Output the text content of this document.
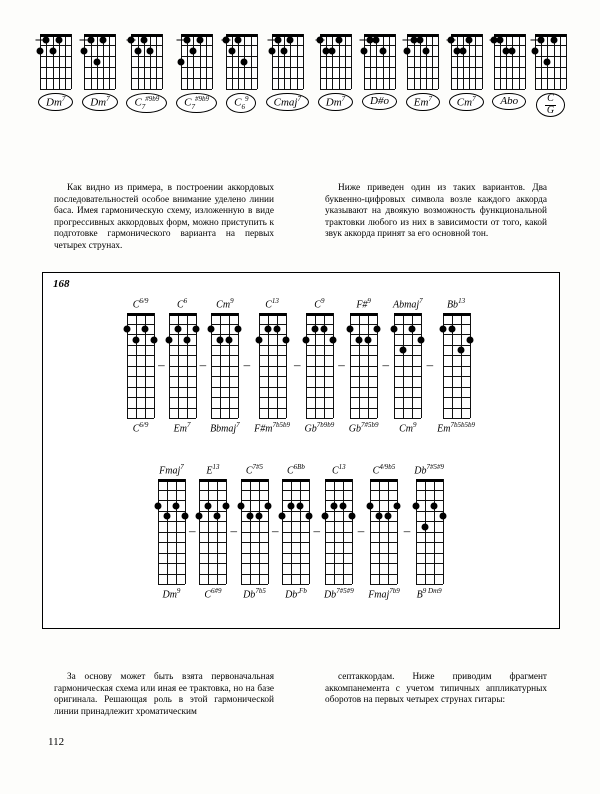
Dm$^7$	Dm$^7$	$C_7^{\#9b9}$	$C_7^{\#9b9}$	$C_6^9$	Cmaj$^7$	Dm$^7$	D#o	Em$^7$	Cm$^7$	Abo	C
G

Как видно из примера, в построении аккордовых последовательностей особое внимание уделено линии баса. Имея гармоническую схему, изложенную в виде прогрессивных аккордовых форм, можно приступить к подготовке гармонического варианта на первых четырех струнах.

Ниже приведен один из таких вариантов. Два буквенно-цифровых символа возле каждого аккорда указывают на двоякую возможность функциональной трактовки любого из них в зависимости от того, какой звук аккорда принят за его основной тон.

168
$C^{6/9}$
$C^{6/9}$
–
$C^6$
Em$^7$
–
Cm$^9$
Bbmaj$^7$
–
$C^{13}$
$F\#m^{7b5b9}$
–
$C^9$
$Gb^{7b9b9}$
–
F#$^9$
$Gb^{7\#5b9}$
–
Abmaj$^7$
Cm$^9$
–
Bb$^{13}$
$Em^{7b5b5b9}$
Fmaj$^7$
Dm$^9$
–
$E^{13}$
$C^{6\#9}$
–
$C^{7\#5}$
$Db^{7b5}$
–
$C^{6Bb}$
$Db^{,Fb}$
–
$C^{13}$
$Db^{7\#5\#9}$
–
$C^{4/9b5}$
Fmaj$^{7b9}$
–
$Db^{7\#5\#9}$
$B^{9 Dm9}$

За основу может быть взята первоначальная гармоническая схема или иная ее трактовка, но на базе оригинала. Решающая роль в этой гармонической линии принадлежит хроматическим

септаккордам. Ниже приводим фрагмент аккомпанемента с учетом типичных аппликатурных оборотов на первых четырех струнах гитары:

112
